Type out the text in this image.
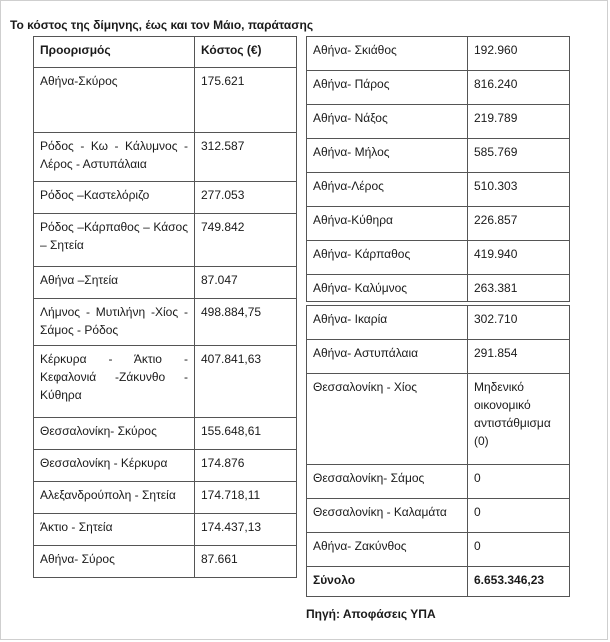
Το κόστος της δίμηνης, έως και τον Μάιο, παράτασης
Προορισμός	Κόστος (€)
Αθήνα-Σκύρος	175.621
Ρόδος - Κω - Κάλυμνος - Λέρος - Αστυπάλαια	312.587
Ρόδος –Καστελόριζο	277.053
Ρόδος –Κάρπαθος – Κάσος – Σητεία	749.842
Αθήνα –Σητεία	87.047
Λήμνος - Μυτιλήνη -Χίος - Σάμος - Ρόδος	498.884,75
Κέρκυρα - Άκτιο - Κεφαλονιά -Ζάκυνθο - Κύθηρα	407.841,63
Θεσσαλονίκη- Σκύρος	155.648,61
Θεσσαλονίκη - Κέρκυρα	174.876
Αλεξανδρούπολη - Σητεία	174.718,11
Άκτιο - Σητεία	174.437,13
Αθήνα- Σύρος	87.661
Αθήνα- Σκιάθος	192.960
Αθήνα- Πάρος	816.240
Αθήνα- Νάξος	219.789
Αθήνα- Μήλος	585.769
Αθήνα-Λέρος	510.303
Αθήνα-Κύθηρα	226.857
Αθήνα- Κάρπαθος	419.940
Αθήνα- Καλύμνος	263.381
Αθήνα- Ικαρία	302.710
Αθήνα- Αστυπάλαια	291.854
Θεσσαλονίκη - Χίος	Μηδενικό οικονομικό αντιστάθμισμα (0)
Θεσσαλονίκη- Σάμος	0
Θεσσαλονίκη - Καλαμάτα	0
Αθήνα- Ζακύνθος	0
Σύνολο	6.653.346,23
Πηγή: Αποφάσεις ΥΠΑ
